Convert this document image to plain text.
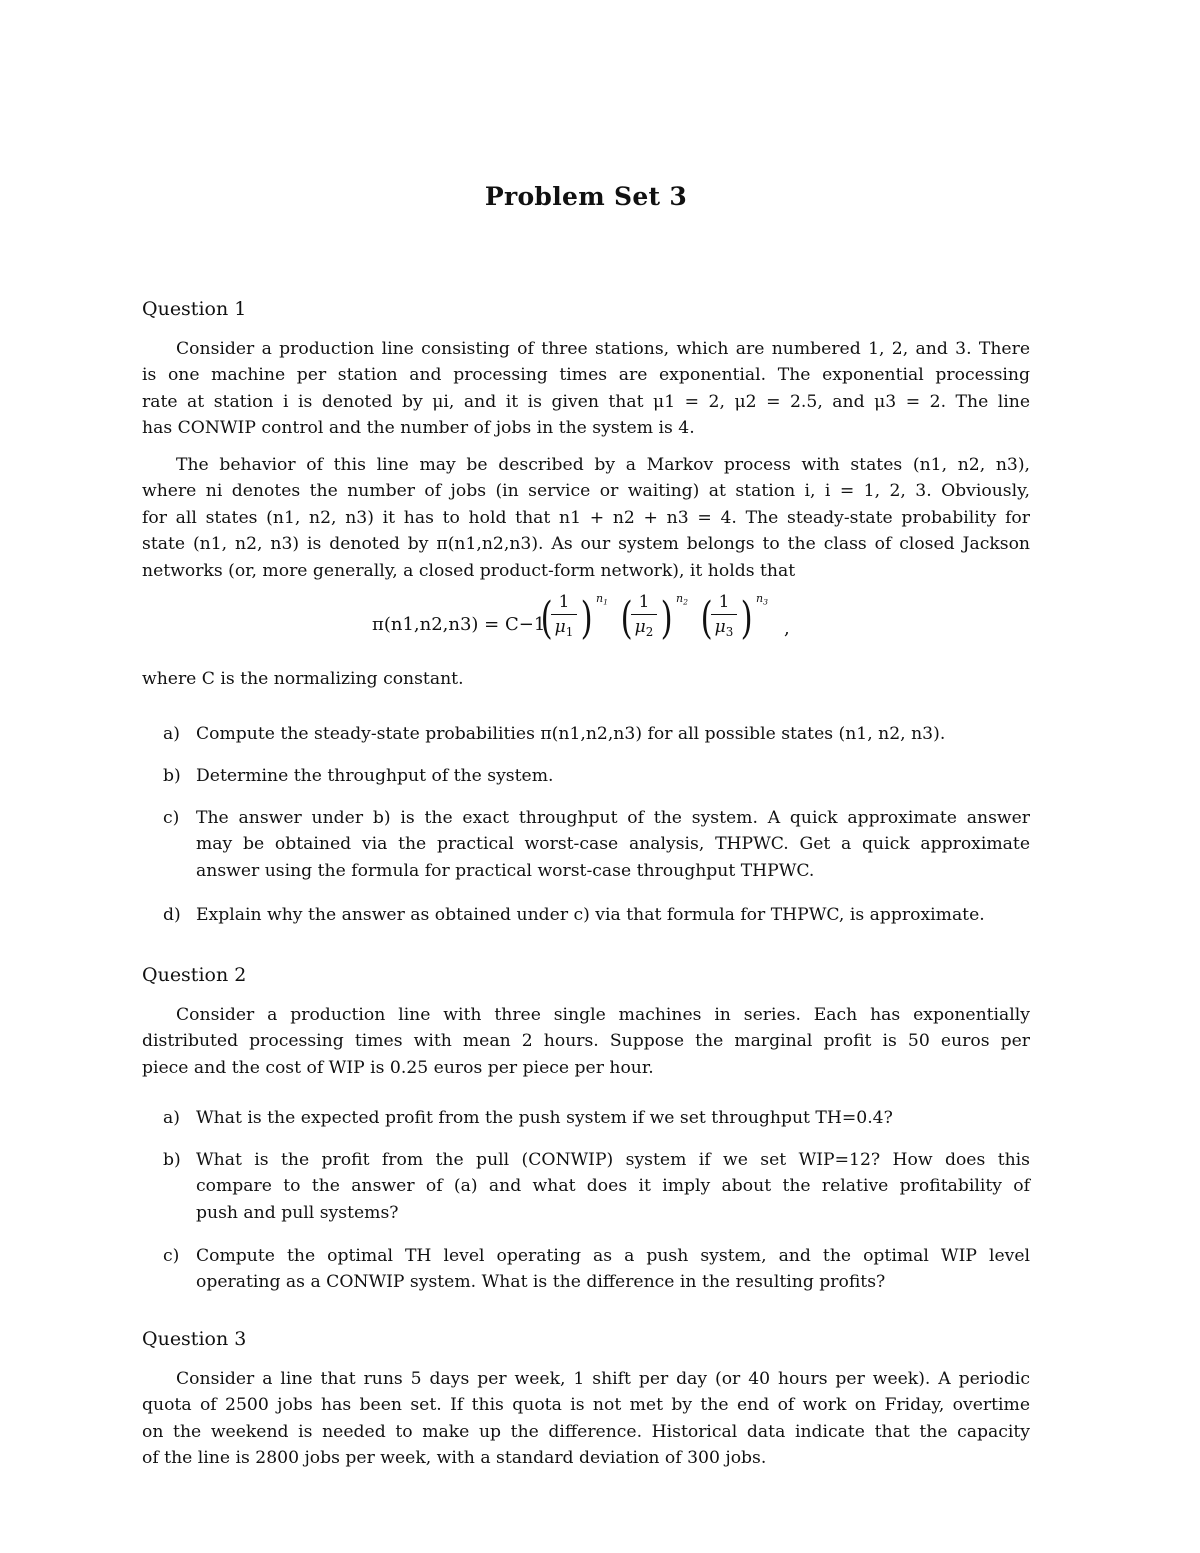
Problem Set 3
Question 1

Consider a production line consisting of three stations, which are numbered 1, 2, and 3. There
is one machine per station and processing times are exponential. The exponential processing
rate at station i is denoted by μi, and it is given that μ1 = 2, μ2 = 2.5, and μ3 = 2. The line
has CONWIP control and the number of jobs in the system is 4.

The behavior of this line may be described by a Markov process with states (n1, n2, n3),
where ni denotes the number of jobs (in service or waiting) at station i, i = 1, 2, 3. Obviously,
for all states (n1, n2, n3) it has to hold that n1 + n2 + n3 = 4. The steady-state probability for
state (n1, n2, n3) is denoted by π(n1,n2,n3). As our system belongs to the class of closed Jackson
networks (or, more generally, a closed product-form network), it holds that

π(n1,n2,n3) = C−1
( 1
$\mu_1$ ) $n_1$ ( 1
$\mu_2$ ) $n_2$ ( 1
$\mu_3$ ) $n_3$
,

where C is the normalizing constant.

a) Compute the steady-state probabilities π(n1,n2,n3) for all possible states (n1, n2, n3).
b) Determine the throughput of the system.
c) The answer under b) is the exact throughput of the system. A quick approximate answer
may be obtained via the practical worst-case analysis, THPWC. Get a quick approximate
answer using the formula for practical worst-case throughput THPWC.
d) Explain why the answer as obtained under c) via that formula for THPWC, is approximate.
Question 2

Consider a production line with three single machines in series. Each has exponentially
distributed processing times with mean 2 hours. Suppose the marginal profit is 50 euros per
piece and the cost of WIP is 0.25 euros per piece per hour.

a) What is the expected profit from the push system if we set throughput TH=0.4?
b) What is the profit from the pull (CONWIP) system if we set WIP=12? How does this
compare to the answer of (a) and what does it imply about the relative profitability of
push and pull systems?
c) Compute the optimal TH level operating as a push system, and the optimal WIP level
operating as a CONWIP system. What is the difference in the resulting profits?
Question 3

Consider a line that runs 5 days per week, 1 shift per day (or 40 hours per week). A periodic
quota of 2500 jobs has been set. If this quota is not met by the end of work on Friday, overtime
on the weekend is needed to make up the difference. Historical data indicate that the capacity
of the line is 2800 jobs per week, with a standard deviation of 300 jobs.
